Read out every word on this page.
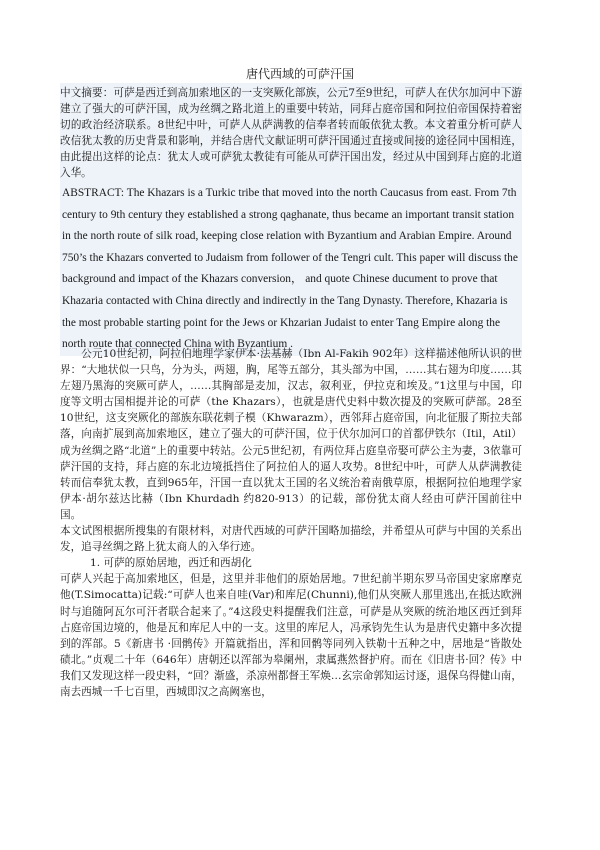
唐代西域的可萨汗国
中文摘要：可萨是西迁到高加索地区的一支突厥化部族，公元7至9世纪，可萨人在伏尔加河中下游建立了强大的可萨汗国，成为丝绸之路北道上的重要中转站，同拜占庭帝国和阿拉伯帝国保持着密切的政治经济联系。8世纪中叶，可萨人从萨满教的信奉者转而皈依犹太教。本文着重分析可萨人改信犹太教的历史背景和影响，并结合唐代文献证明可萨汗国通过直接或间接的途径同中国相连，由此提出这样的论点：犹太人或可萨犹太教徒有可能从可萨汗国出发，经过从中国到拜占庭的北道入华。
ABSTRACT: The Khazars is a Turkic tribe that moved into the north Caucasus from east. From 7th century to 9th century they established a strong qaghanate, thus became an important transit station in the north route of silk road, keeping close relation with Byzantium and Arabian Empire. Around 750’s the Khazars converted to Judaism from follower of the Tengri cult. This paper will discuss the background and impact of the Khazars conversion， and quote Chinese ducument to prove that Khazaria contacted with China directly and indirectly in the Tang Dynasty. Therefore, Khazaria is the most probable starting point for the Jews or Khzarian Judaist to enter Tang Empire along the north route that connected China with Byzantium .

公元10世纪初，阿拉伯地理学家伊本·法基赫（Ibn Al-Fakih 902年）这样描述他所认识的世界：“大地状似一只鸟，分为头，两翅，胸，尾等五部分，其头部为中国，……其右翅为印度……其左翅乃黑海的突厥可萨人，……其胸部是麦加，汉志，叙利亚，伊拉克和埃及。”1这里与中国，印度等文明古国相提并论的可萨（the Khazars），也就是唐代史料中数次提及的突厥可萨部。28至10世纪，这支突厥化的部族东联花剌子模（Khwarazm），西邻拜占庭帝国，向北征服了斯拉夫部落，向南扩展到高加索地区，建立了强大的可萨汗国，位于伏尔加河口的首都伊铁尔（Itil，Atil）成为丝绸之路“北道”上的重要中转站。公元5世纪初，有两位拜占庭皇帝娶可萨公主为妻，3依靠可萨汗国的支持，拜占庭的东北边境抵挡住了阿拉伯人的逼人攻势。8世纪中叶，可萨人从萨满教徒转而信奉犹太教，直到965年，汗国一直以犹太王国的名义统治着南俄草原，根据阿拉伯地理学家伊本·胡尔兹达比赫（Ibn Khurdadh 约820-913）的记载，部份犹太商人经由可萨汗国前往中国。

本文试图根据所搜集的有限材料，对唐代西域的可萨汗国略加描绘，并希望从可萨与中国的关系出发，追寻丝绸之路上犹太商人的入华行迹。

1. 可萨的原始居地，西迁和西胡化

可萨人兴起于高加索地区，但是，这里并非他们的原始居地。7世纪前半期东罗马帝国史家席摩克他(T.Simocatta)记载:“可萨人也来自哇(Var)和库尼(Chunni),他们从突厥人那里逃出,在抵达欧洲时与追随阿瓦尔可汗者联合起来了。”4这段史料提醒我们注意，可萨是从突厥的统治地区西迁到拜占庭帝国边境的，他是瓦和库尼人中的一支。这里的库尼人，冯承钧先生认为是唐代史籍中多次提到的浑部。5《新唐书 ·回鹘传》开篇就指出，浑和回鹘等同列入铁勒十五种之中，居地是“皆散处碛北。”贞观二十年（646年）唐朝还以浑部为皋阑州，隶属燕然督护府。而在《旧唐书·回？传》中我们又发现这样一段史料，“回？渐盛，杀凉州都督王军焕…玄宗命郭知运讨逐，退保乌得健山南，南去西城一千七百里，西城即汉之高阙塞也，
